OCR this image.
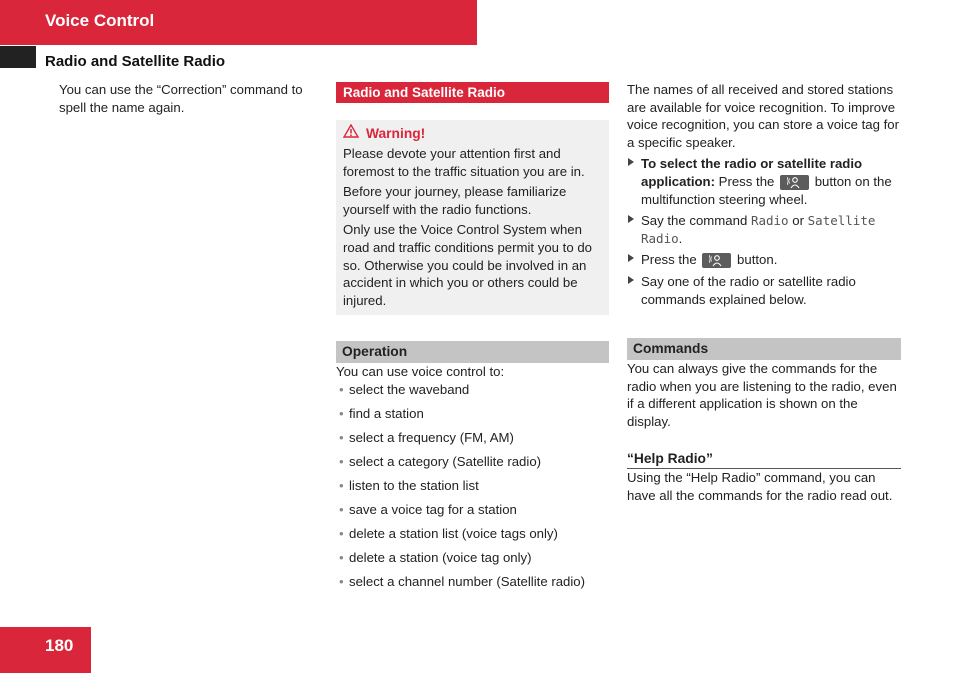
Voice Control
Radio and Satellite Radio

You can use the “Correction” command to spell the name again.

Radio and Satellite Radio
Warning!

Please devote your attention first and foremost to the traffic situation you are in.

Before your journey, please familiarize yourself with the radio functions.

Only use the Voice Control System when road and traffic conditions permit you to do so. Otherwise you could be involved in an accident in which you or others could be injured.

Operation

You can use voice control to:

• select the waveband
• find a station
• select a frequency (FM, AM)
• select a category (Satellite radio)
• listen to the station list
• save a voice tag for a station
• delete a station list (voice tags only)
• delete a station (voice tag only)
• select a channel number (Satellite radio)

The names of all received and stored stations are available for voice recognition. To improve voice recognition, you can store a voice tag for a specific speaker.

To select the radio or satellite radio application: Press the	button on the multifunction steering wheel.
Say the command Radio or Satellite Radio.
Press the	button.
Say one of the radio or satellite radio commands explained below.
Commands

You can always give the commands for the radio when you are listening to the radio, even if a different application is shown on the display.

“Help Radio”

Using the “Help Radio” command, you can have all the commands for the radio read out.

180
